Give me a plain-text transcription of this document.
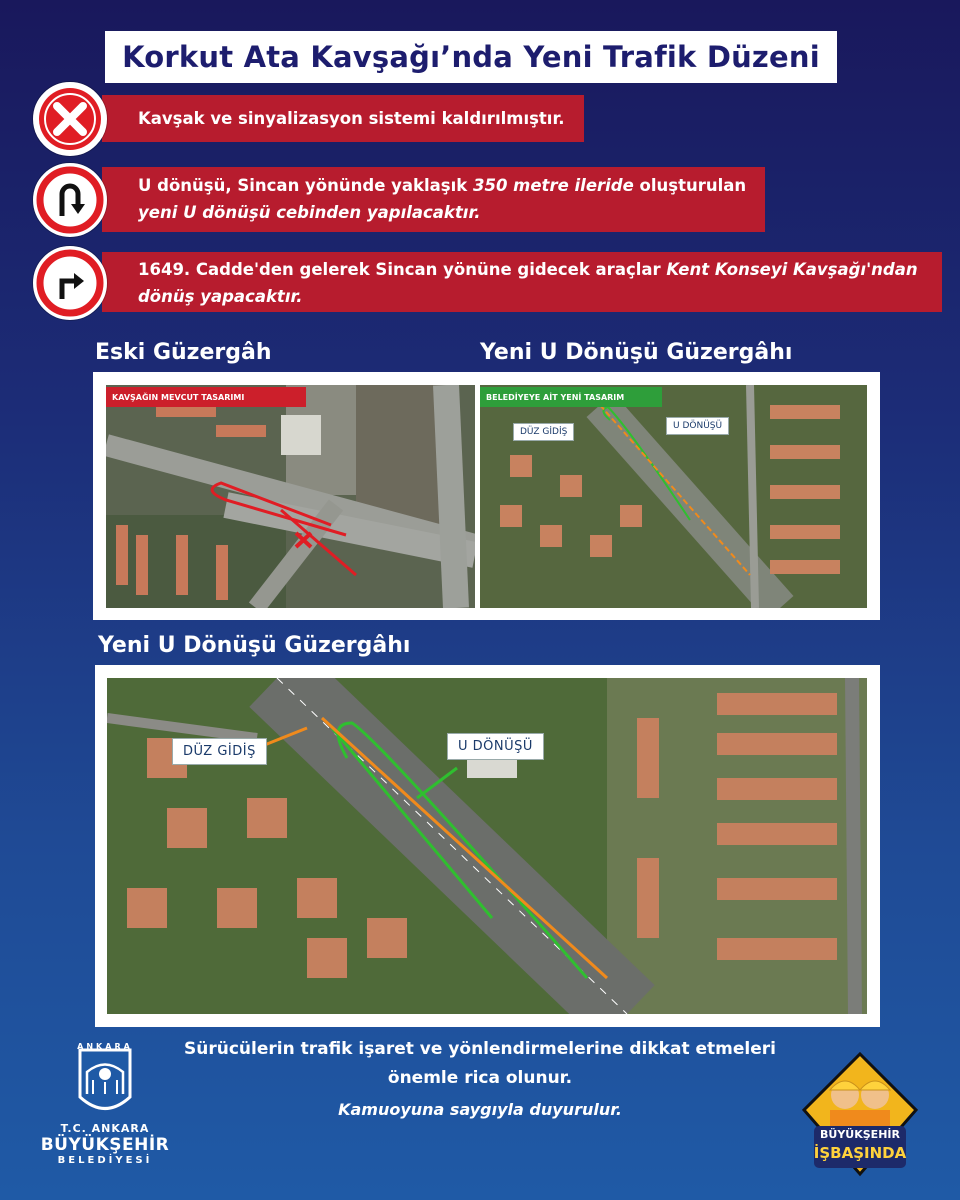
Korkut Ata Kavşağı’nda Yeni Trafik Düzeni
Kavşak ve sinyalizasyon sistemi kaldırılmıştır.
U dönüşü, Sincan yönünde yaklaşık 350 metre ileride oluşturulan
yeni U dönüşü cebinden yapılacaktır.
1649. Cadde'den gelerek Sincan yönüne gidecek araçlar Kent Konseyi Kavşağı'ndan
dönüş yapacaktır.
Eski Güzergâh	Yeni U Dönüşü Güzergâhı
KAVŞAĞIN MEVCUT TASARIMI	BELEDİYEYE AİT YENİ TASARIM
DÜZ GİDİŞ
U DÖNÜŞÜ
Yeni U Dönüşü Güzergâhı
DÜZ GİDİŞ	U DÖNÜŞÜ
Sürücülerin trafik işaret ve yönlendirmelerine dikkat etmeleri
önemle rica olunur.
Kamuoyuna saygıyla duyurulur.
ANKARA
T.C. ANKARA
BÜYÜKŞEHİR
BELEDİYESİ
BÜYÜKŞEHİR
İŞBAŞINDA
